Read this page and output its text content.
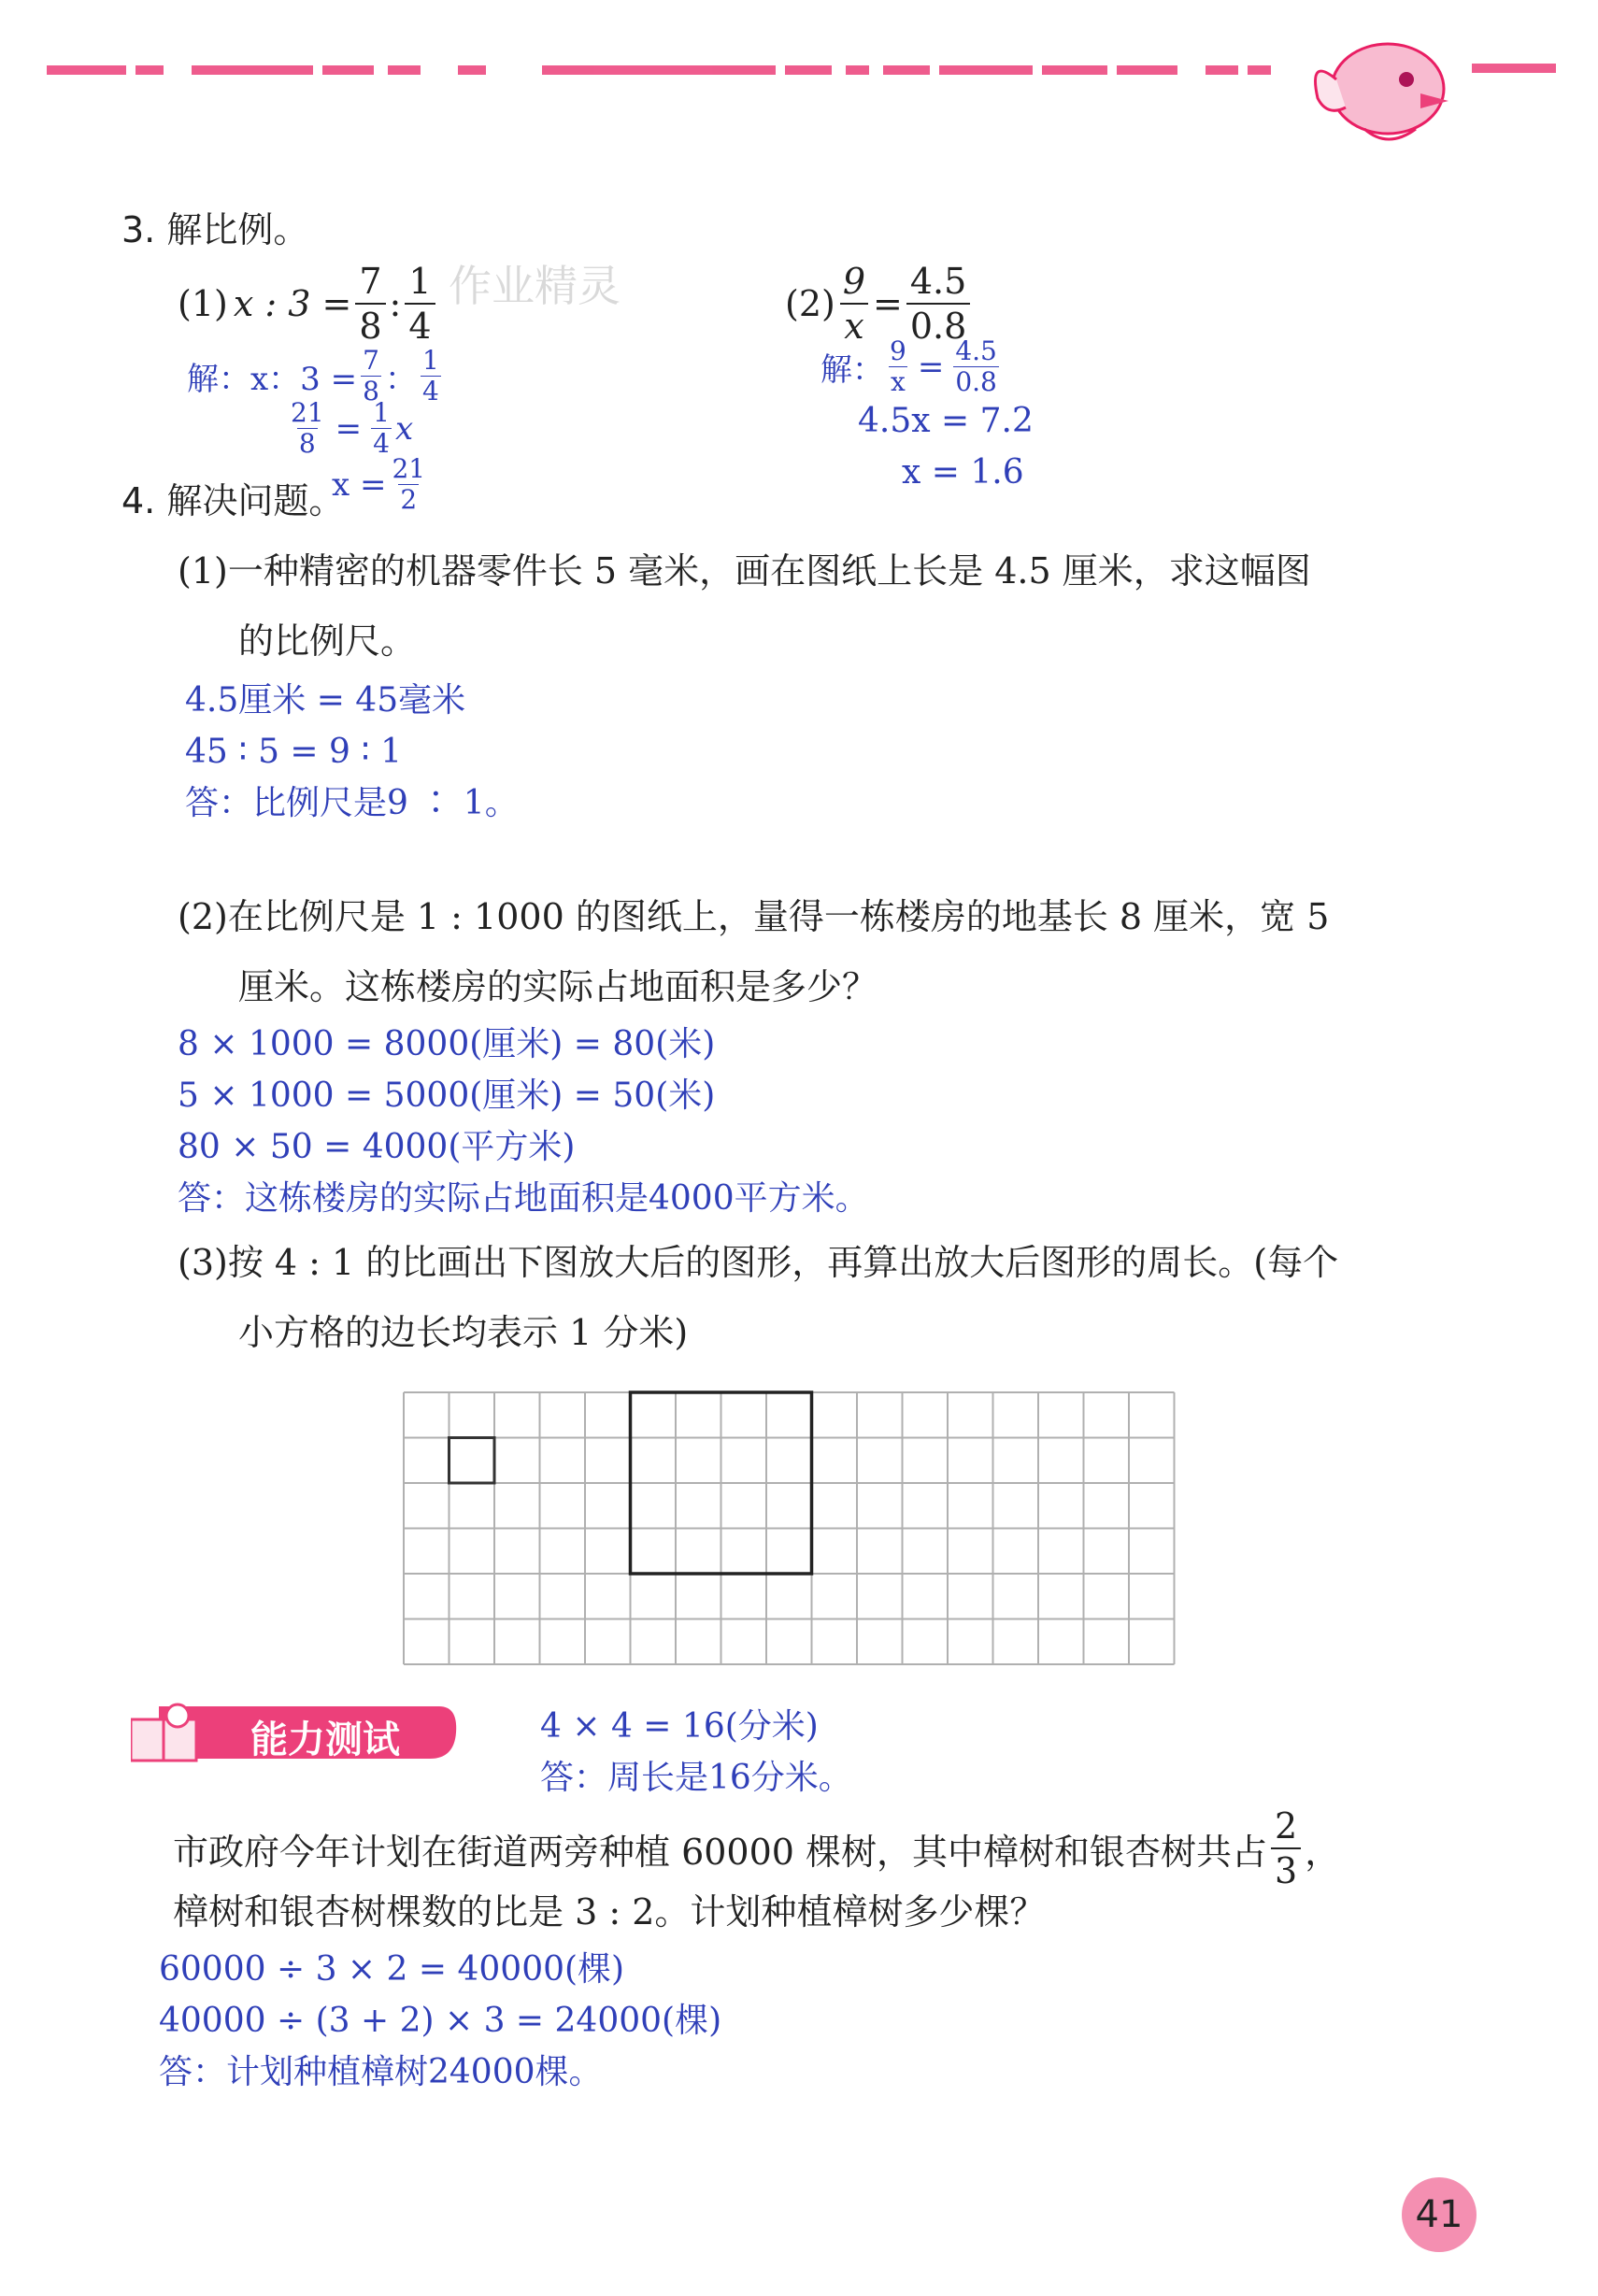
3. 解比例。
(1) x : $3 = \frac{7}{8}$ : $\frac{1}{4}$ 作业精灵	$(2) \frac{9}{x} = \frac{4.5}{0.8}$
解：x：$3 = \frac{7}{8}$ ： $\frac{1}{4}$
$\frac{21}{8} = \frac{1}{4}$ x
$x = \frac{21}{2}$
解： $\frac{9}{x} = \frac{4.5}{0.8}$
4.5x = 7.2
x = 1.6
4. 解决问题。
(1)一种精密的机器零件长 5 毫米，画在图纸上长是 4.5 厘米，求这幅图
的比例尺。
4.5厘米 = 45毫米
45 ∶ 5 = 9 ∶ 1
答：比例尺是9 ∶ 1。
(2)在比例尺是 1 : 1000 的图纸上，量得一栋楼房的地基长 8 厘米，宽 5
厘米。这栋楼房的实际占地面积是多少？
8 × 1000 = 8000(厘米) = 80(米)
5 × 1000 = 5000(厘米) = 50(米)
80 × 50 = 4000(平方米)
答：这栋楼房的实际占地面积是4000平方米。
(3)按 4 : 1 的比画出下图放大后的图形，再算出放大后图形的周长。(每个
小方格的边长均表示 1 分米)
能力测试	4 × 4 = 16(分米)
答：周长是16分米。
市政府今年计划在街道两旁种植 60000 棵树，其中樟树和银杏树共占 $\frac{2}{3}$ ，
樟树和银杏树棵数的比是 3 : 2。计划种植樟树多少棵？
60000 ÷ 3 × 2 = 40000(棵)
40000 ÷ (3 + 2) × 3 = 24000(棵)
答：计划种植樟树24000棵。
41
